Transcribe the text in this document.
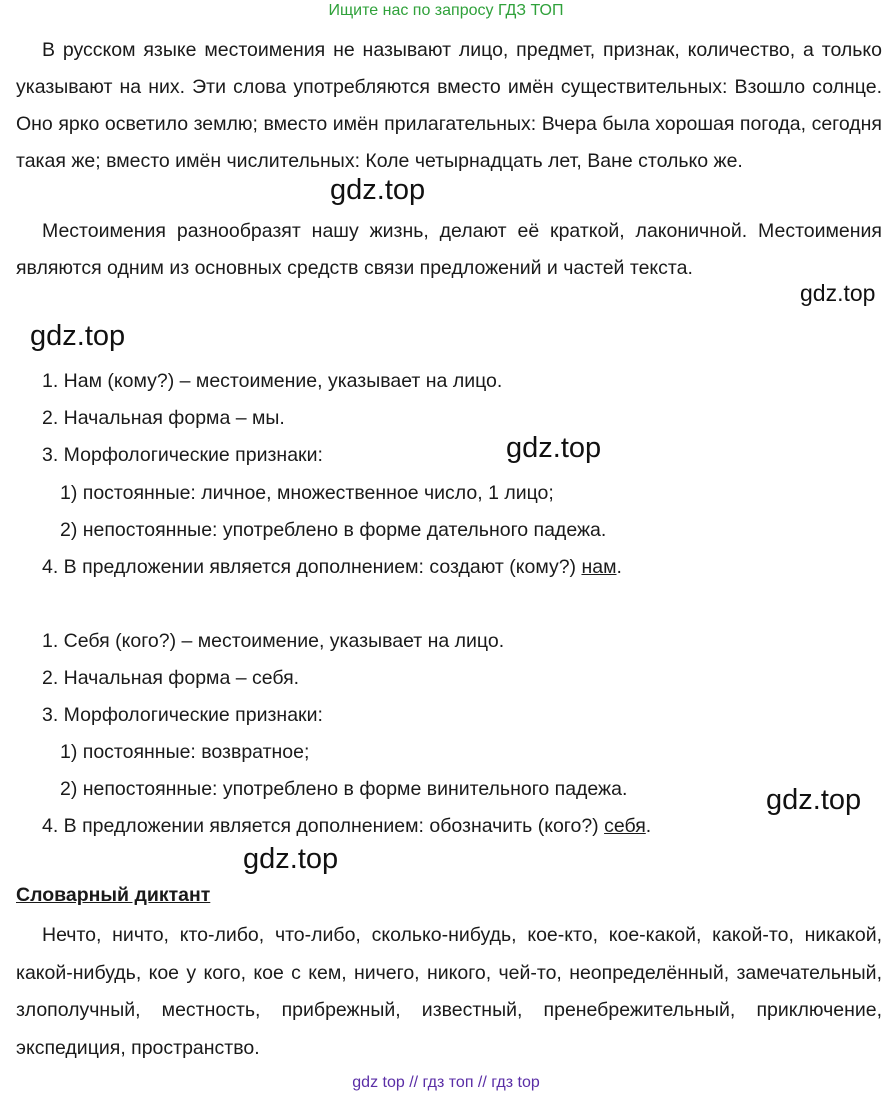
Ищите нас по запросу ГДЗ ТОП

В русском языке местоимения не называют лицо, предмет, признак, количество, а только указывают на них. Эти слова употребляются вместо имён существительных: Взошло солнце. Оно ярко осветило землю; вместо имён прилагательных: Вчера была хорошая погода, сегодня такая же; вместо имён числительных: Коле четырнадцать лет, Ване столько же.

Местоимения разнообразят нашу жизнь, делают её краткой, лаконичной. Местоимения являются одним из основных средств связи предложений и частей текста.

gdz.top
gdz.top
gdz.top
gdz.top
gdz.top
gdz.top
1. Нам (кому?) – местоимение, указывает на лицо.
2. Начальная форма – мы.
3. Морфологические признаки:
1) постоянные: личное, множественное число, 1 лицо;
2) непостоянные: употреблено в форме дательного падежа.
4. В предложении является дополнением: создают (кому?) нам.
1. Себя (кого?) – местоимение, указывает на лицо.
2. Начальная форма – себя.
3. Морфологические признаки:
1) постоянные: возвратное;
2) непостоянные: употреблено в форме винительного падежа.
4. В предложении является дополнением: обозначить (кого?) себя.
Словарный диктант

Нечто, ничто, кто-либо, что-либо, сколько-нибудь, кое-кто, кое-какой, какой-то, никакой, какой-нибудь, кое у кого, кое с кем, ничего, никого, чей-то, неопределённый, замечательный, злополучный, местность, прибрежный, известный, пренебрежительный, приключение, экспедиция, пространство.

gdz top // гдз топ // гдз top
